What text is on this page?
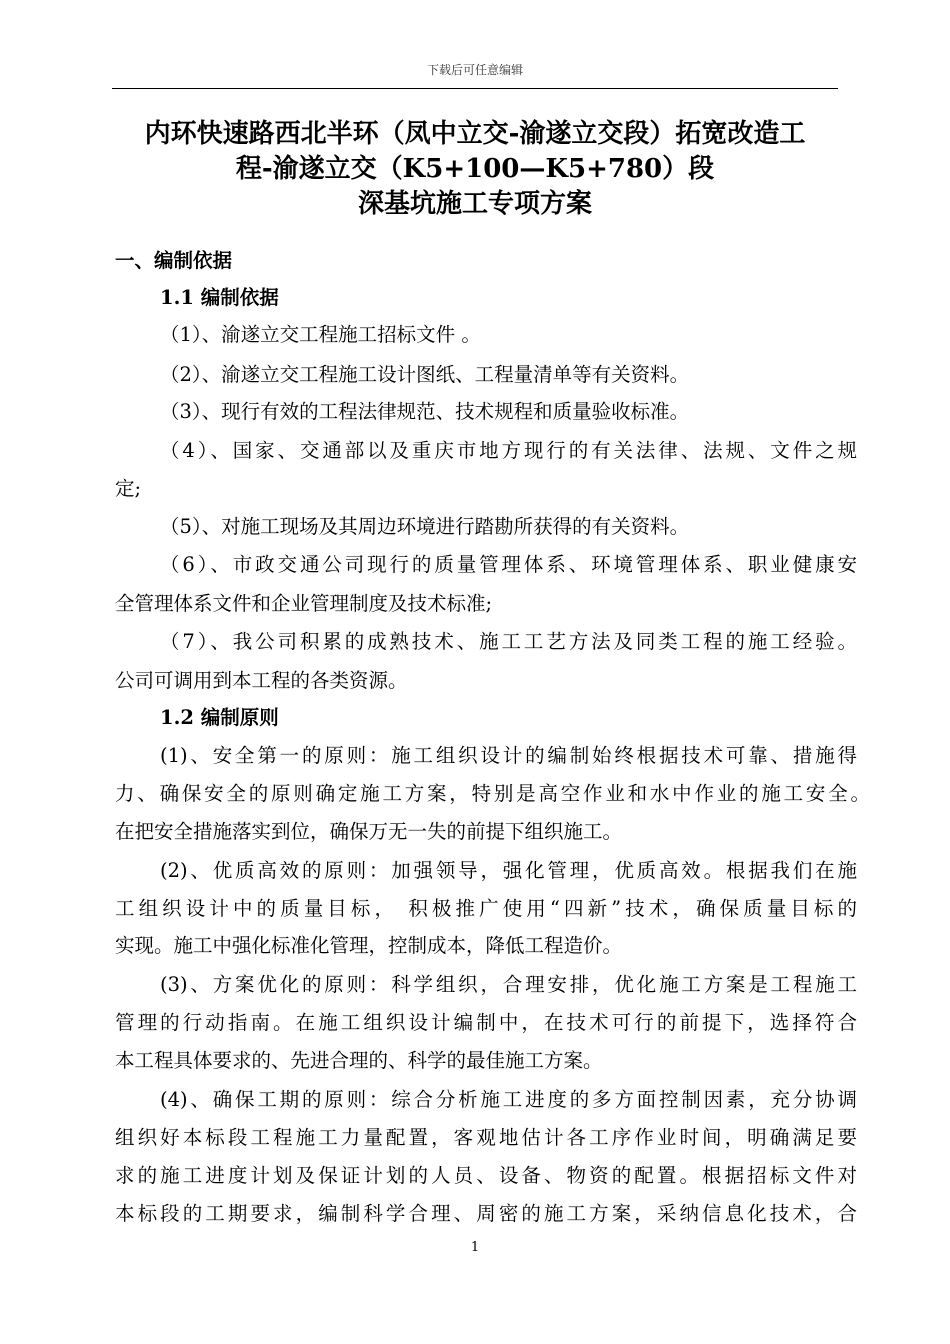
下载后可任意编辑
内环快速路西北半环（凤中立交-渝遂立交段）拓宽改造工
程-渝遂立交（K5+100—K5+780）段
深基坑施工专项方案
一、编制依据
1.1 编制依据
（1）、渝遂立交工程施工招标文件 。
（2）、渝遂立交工程施工设计图纸、工程量清单等有关资料。
（3）、现行有效的工程法律规范、技术规程和质量验收标准。
（4）、国家、交通部以及重庆市地方现行的有关法律、法规、文件之规
定;
（5）、对施工现场及其周边环境进行踏勘所获得的有关资料。
（6）、市政交通公司现行的质量管理体系、环境管理体系、职业健康安
全管理体系文件和企业管理制度及技术标准;
（7）、我公司积累的成熟技术、施工工艺方法及同类工程的施工经验。
公司可调用到本工程的各类资源。
1.2 编制原则
(1)、安全第一的原则：施工组织设计的编制始终根据技术可靠、措施得
力、确保安全的原则确定施工方案，特别是高空作业和水中作业的施工安全。
在把安全措施落实到位，确保万无一失的前提下组织施工。
(2)、优质高效的原则：加强领导，强化管理，优质高效。根据我们在施
工组织设计中的质量目标， 积极推广使用“四新”技术，确保质量目标的
实现。施工中强化标准化管理，控制成本，降低工程造价。
(3)、方案优化的原则：科学组织，合理安排，优化施工方案是工程施工
管理的行动指南。在施工组织设计编制中，在技术可行的前提下，选择符合
本工程具体要求的、先进合理的、科学的最佳施工方案。
(4)、确保工期的原则：综合分析施工进度的多方面控制因素，充分协调
组织好本标段工程施工力量配置，客观地估计各工序作业时间，明确满足要
求的施工进度计划及保证计划的人员、设备、物资的配置。根据招标文件对
本标段的工期要求，编制科学合理、周密的施工方案，采纳信息化技术，合
1
